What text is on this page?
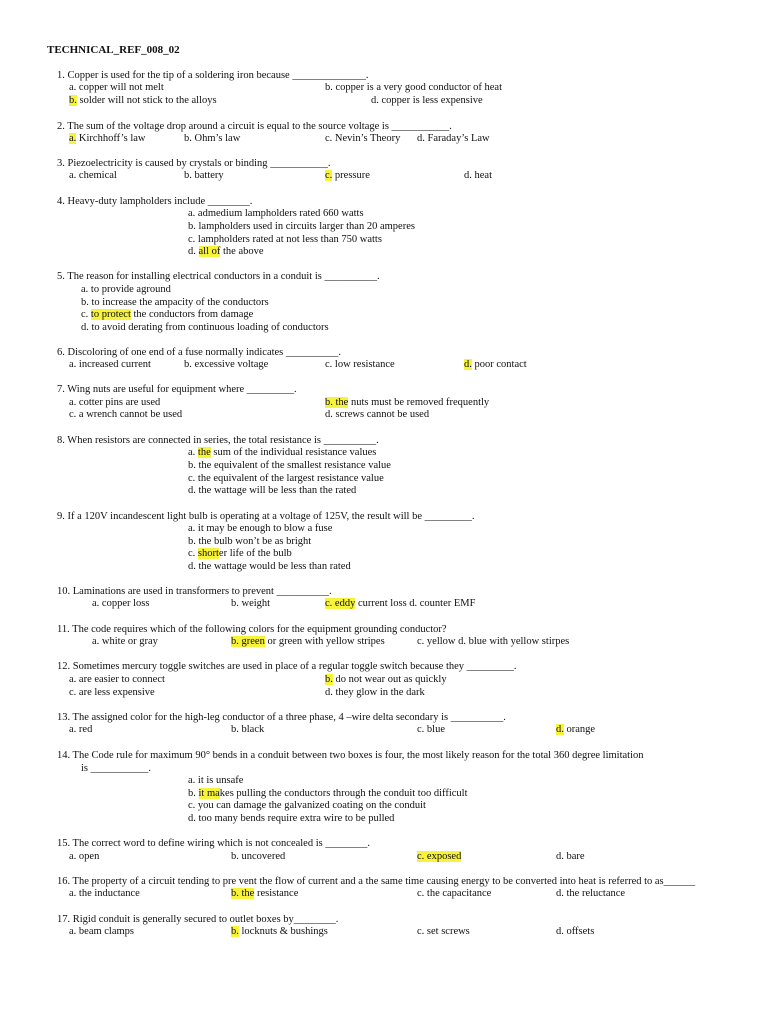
TECHNICAL_REF_008_02
1. Copper is used for the tip of a soldering iron because ______________.
a. copper will not melt	b. copper is a very good conductor of heat
b. solder will not stick to the alloys	d. copper is less expensive
2. The sum of the voltage drop around a circuit is equal to the source voltage is ___________.
a. Kirchhoff’s law	b. Ohm’s law	c. Nevin’s Theory d. Faraday’s Law
3. Piezoelectricity is caused by crystals or binding ___________.
a. chemical	b. battery	c. pressure	d. heat
4. Heavy-duty lampholders include ________.
a. admedium lampholders rated 660 watts
b. lampholders used in circuits larger than 20 amperes
c. lampholders rated at not less than 750 watts
d. all of the above
5. The reason for installing electrical conductors in a conduit is __________.
a. to provide aground
b. to increase the ampacity of the conductors
c. to protect the conductors from damage
d. to avoid derating from continuous loading of conductors
6. Discoloring of one end of a fuse normally indicates __________.
a. increased current	b. excessive voltage	c. low resistance	d. poor contact
7. Wing nuts are useful for equipment where _________.
a. cotter pins are used	b. the nuts must be removed frequently
c. a wrench cannot be used	d. screws cannot be used
8. When resistors are connected in series, the total resistance is __________.
a. the sum of the individual resistance values
b. the equivalent of the smallest resistance value
c. the equivalent of the largest resistance value
d. the wattage will be less than the rated
9. If a 120V incandescent light bulb is operating at a voltage of 125V, the result will be _________.
a. it may be enough to blow a fuse
b. the bulb won’t be as bright
c. shorter life of the bulb
d. the wattage would be less than rated
10. Laminations are used in transformers to prevent __________.
a. copper loss	b. weight	c. eddy current loss d. counter EMF
11. The code requires which of the following colors for the equipment grounding conductor?
a. white or gray	b. green or green with yellow stripes	c. yellow d. blue with yellow stirpes
12. Sometimes mercury toggle switches are used in place of a regular toggle switch because they _________.
a. are easier to connect	b. do not wear out as quickly
c. are less expensive	d. they glow in the dark
13. The assigned color for the high-leg conductor of a three phase, 4 –wire delta secondary is __________.
a. red	b. black	c. blue	d. orange
14. The Code rule for maximum 90° bends in a conduit between two boxes is four, the most likely reason for the total 360 degree limitation
is ___________.
a. it is unsafe
b. it makes pulling the conductors through the conduit too difficult
c. you can damage the galvanized coating on the conduit
d. too many bends require extra wire to be pulled
15. The correct word to define wiring which is not concealed is ________.
a. open	b. uncovered	c. exposed	d. bare
16. The property of a circuit tending to pre vent the flow of current and a the same time causing energy to be converted into heat is referred to as______
a. the inductance	b. the resistance	c. the capacitance	d. the reluctance
17. Rigid conduit is generally secured to outlet boxes by________.
a. beam clamps	b. locknuts & bushings	c. set screws	d. offsets
